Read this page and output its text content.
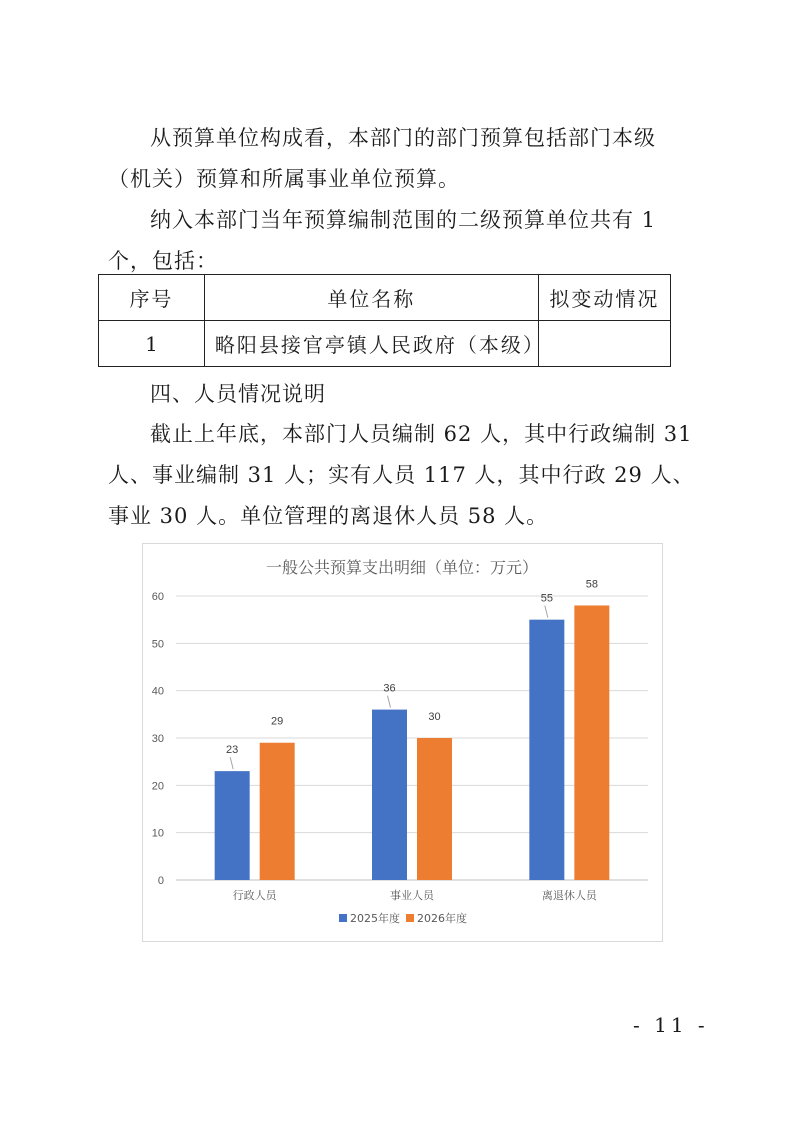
从预算单位构成看，本部门的部门预算包括部门本级（机关）预算和所属事业单位预算。

纳入本部门当年预算编制范围的二级预算单位共有 1 个，包括：

序号	单位名称	拟变动情况
1	略阳县接官亭镇人民政府（本级）	

四、人员情况说明

截止上年底，本部门人员编制 62 人，其中行政编制 31 人、事业编制 31 人；实有人员 117 人，其中行政 29 人、事业 30 人。单位管理的离退休人员 58 人。

一般公共预算支出明细（单位：万元）
0
10
20
30
40
50
60
23
29
行政人员
36
30
事业人员
55
58
离退休人员
2025年度 2026年度

- 11 -
